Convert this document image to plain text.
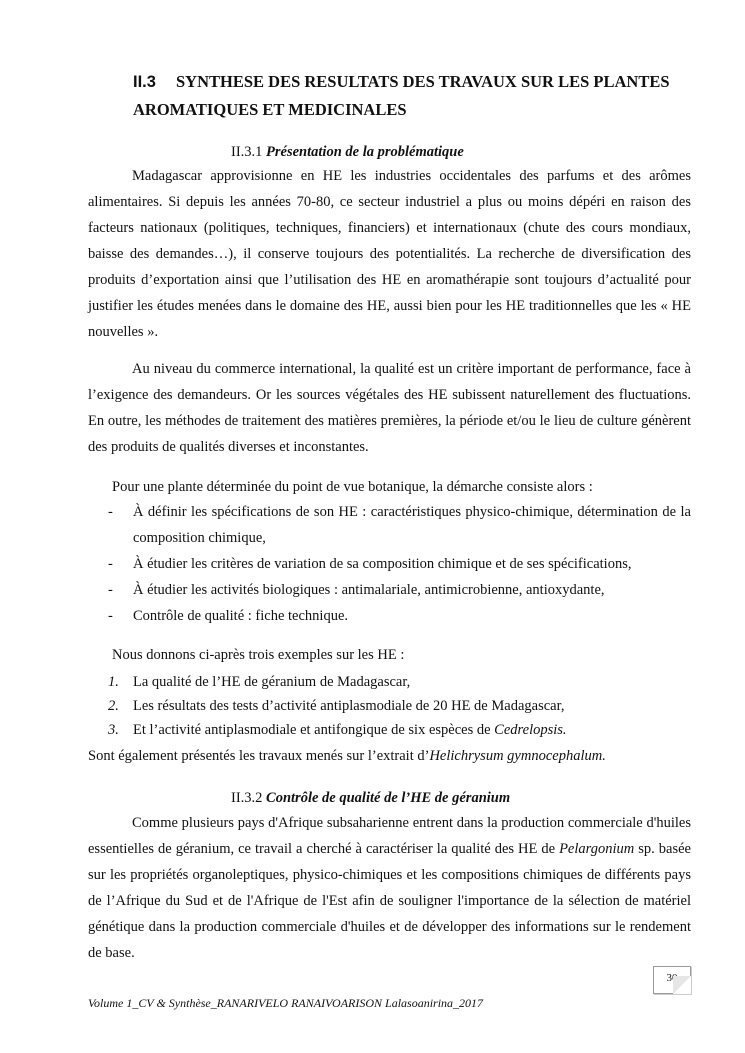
II.3 SYNTHESE DES RESULTATS DES TRAVAUX SUR LES PLANTES
AROMATIQUES ET MEDICINALES
II.3.1 Présentation de la problématique

Madagascar approvisionne en HE les industries occidentales des parfums et des arômes alimentaires. Si depuis les années 70-80, ce secteur industriel a plus ou moins dépéri en raison des facteurs nationaux (politiques, techniques, financiers) et internationaux (chute des cours mondiaux, baisse des demandes…), il conserve toujours des potentialités. La recherche de diversification des produits d’exportation ainsi que l’utilisation des HE en aromathérapie sont toujours d’actualité pour justifier les études menées dans le domaine des HE, aussi bien pour les HE traditionnelles que les « HE nouvelles ».

Au niveau du commerce international, la qualité est un critère important de performance, face à l’exigence des demandeurs. Or les sources végétales des HE subissent naturellement des fluctuations. En outre, les méthodes de traitement des matières premières, la période et/ou le lieu de culture génèrent des produits de qualités diverses et inconstantes.

Pour une plante déterminée du point de vue botanique, la démarche consiste alors :
- À définir les spécifications de son HE : caractéristiques physico-chimique, détermination de la composition chimique,
- À étudier les critères de variation de sa composition chimique et de ses spécifications,
- À étudier les activités biologiques : antimalariale, antimicrobienne, antioxydante,
- Contrôle de qualité : fiche technique.
Nous donnons ci-après trois exemples sur les HE :
1. La qualité de l’HE de géranium de Madagascar,
2. Les résultats des tests d’activité antiplasmodiale de 20 HE de Madagascar,
3. Et l’activité antiplasmodiale et antifongique de six espèces de Cedrelopsis.
Sont également présentés les travaux menés sur l’extrait d’Helichrysum gymnocephalum.
II.3.2 Contrôle de qualité de l’HE de géranium

Comme plusieurs pays d'Afrique subsaharienne entrent dans la production commerciale d'huiles essentielles de géranium, ce travail a cherché à caractériser la qualité des HE de Pelargonium sp. basée sur les propriétés organoleptiques, physico-chimiques et les compositions chimiques de différents pays de l’Afrique du Sud et de l'Afrique de l'Est afin de souligner l'importance de la sélection de matériel génétique dans la production commerciale d'huiles et de développer des informations sur le rendement de base.

30
Volume 1_CV & Synthèse_RANARIVELO RANAIVOARISON Lalasoanirina_2017
